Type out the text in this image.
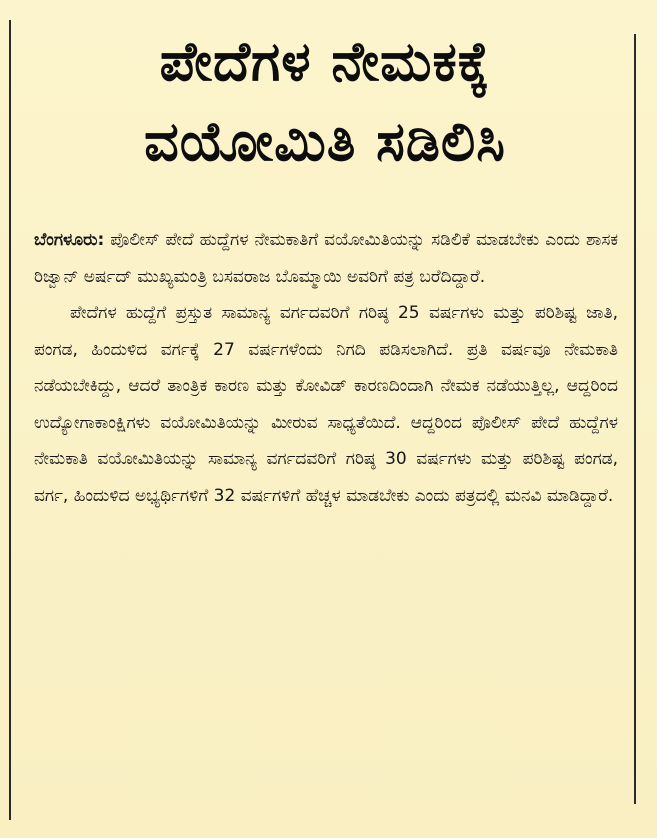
ಪೇದೆಗಳ ನೇಮಕಕ್ಕೆ
ವಯೋಮಿತಿ ಸಡಿಲಿಸಿ

ಬೆಂಗಳೂರು: ಪೊಲೀಸ್ ಪೇದೆ ಹುದ್ದೆಗಳ ನೇಮಕಾತಿಗೆ ವಯೋಮಿತಿಯನ್ನು ಸಡಿಲಿಕೆ ಮಾಡಬೇಕು ಎಂದು ಶಾಸಕ ರಿಜ್ವಾನ್ ಅರ್ಷದ್ ಮುಖ್ಯಮಂತ್ರಿ ಬಸವರಾಜ ಬೊಮ್ಮಾಯಿ ಅವರಿಗೆ ಪತ್ರ ಬರೆದಿದ್ದಾರೆ.

ಪೇದೆಗಳ ಹುದ್ದೆಗೆ ಪ್ರಸ್ತುತ ಸಾಮಾನ್ಯ ವರ್ಗದವರಿಗೆ ಗರಿಷ್ಠ 25 ವರ್ಷಗಳು ಮತ್ತು ಪರಿಶಿಷ್ಟ ಜಾತಿ, ಪಂಗಡ, ಹಿಂದುಳಿದ ವರ್ಗಕ್ಕೆ 27 ವರ್ಷಗಳೆಂದು ನಿಗದಿ ಪಡಿಸಲಾಗಿದೆ. ಪ್ರತಿ ವರ್ಷವೂ ನೇಮಕಾತಿ ನಡೆಯಬೇಕಿದ್ದು, ಆದರೆ ತಾಂತ್ರಿಕ ಕಾರಣ ಮತ್ತು ಕೋವಿಡ್ ಕಾರಣದಿಂದಾಗಿ ನೇಮಕ ನಡೆಯುತ್ತಿಲ್ಲ, ಆದ್ದರಿಂದ ಉದ್ಯೋಗಾಕಾಂಕ್ಷಿಗಳು ವಯೋಮಿತಿಯನ್ನು ಮೀರುವ ಸಾಧ್ಯತೆಯಿದೆ. ಆದ್ದರಿಂದ ಪೊಲೀಸ್ ಪೇದೆ ಹುದ್ದೆಗಳ ನೇಮಕಾತಿ ವಯೋಮಿತಿಯನ್ನು ಸಾಮಾನ್ಯ ವರ್ಗದವರಿಗೆ ಗರಿಷ್ಠ 30 ವರ್ಷಗಳು ಮತ್ತು ಪರಿಶಿಷ್ಟ ಪಂಗಡ, ವರ್ಗ, ಹಿಂದುಳಿದ ಅಭ್ಯರ್ಥಿಗಳಿಗೆ 32 ವರ್ಷಗಳಿಗೆ ಹೆಚ್ಚಳ ಮಾಡಬೇಕು ಎಂದು ಪತ್ರದಲ್ಲಿ ಮನವಿ ಮಾಡಿದ್ದಾರೆ.
